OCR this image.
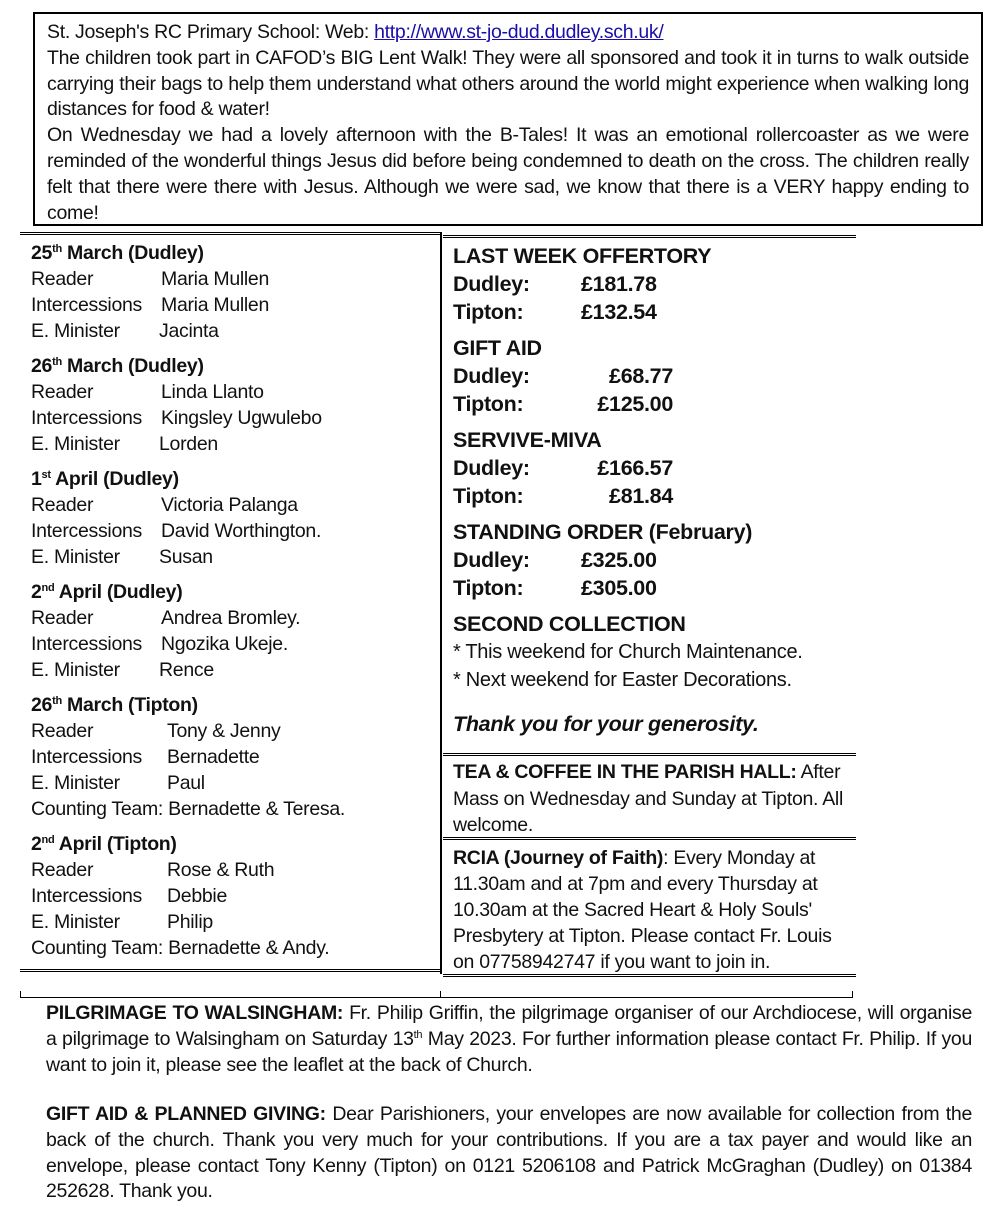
St. Joseph's RC Primary School: Web: http://www.st-jo-dud.dudley.sch.uk/

The children took part in CAFOD’s BIG Lent Walk! They were all sponsored and took it in turns to walk outside carrying their bags to help them understand what others around the world might experience when walking long distances for food & water!

On Wednesday we had a lovely afternoon with the B-Tales! It was an emotional rollercoaster as we were reminded of the wonderful things Jesus did before being condemned to death on the cross. The children really felt that there were there with Jesus. Although we were sad, we know that there is a VERY happy ending to come!

25th March (Dudley)
Reader	Maria Mullen
Intercessions Maria Mullen
E. Minister	Jacinta
26th March (Dudley)
Reader	Linda Llanto
Intercessions Kingsley Ugwulebo
E. Minister	Lorden
1st April (Dudley)
Reader	Victoria Palanga
Intercessions David Worthington.
E. Minister	Susan
2nd April (Dudley)
Reader	Andrea Bromley.
Intercessions Ngozika Ukeje.
E. Minister	Rence
26th March (Tipton)
Reader	Tony & Jenny
Intercessions	Bernadette
E. Minister	Paul
Counting Team: Bernadette & Teresa.
2nd April (Tipton)
Reader	Rose & Ruth
Intercessions	Debbie
E. Minister	Philip
Counting Team: Bernadette & Andy.
LAST WEEK OFFERTORY
Dudley:	£181.78
Tipton:	£132.54
GIFT AID
Dudley:	£68.77
Tipton:	£125.00
SERVIVE-MIVA
Dudley:	£166.57
Tipton:	£81.84
STANDING ORDER (February)
Dudley:	£325.00
Tipton:	£305.00
SECOND COLLECTION
* This weekend for Church Maintenance.
* Next weekend for Easter Decorations.
Thank you for your generosity.
TEA & COFFEE IN THE PARISH HALL: After Mass on Wednesday and Sunday at Tipton. All welcome.
RCIA (Journey of Faith): Every Monday at 11.30am and at 7pm and every Thursday at 10.30am at the Sacred Heart & Holy Souls' Presbytery at Tipton. Please contact Fr. Louis on 07758942747 if you want to join in.
PILGRIMAGE TO WALSINGHAM: Fr. Philip Griffin, the pilgrimage organiser of our Archdiocese, will organise a pilgrimage to Walsingham on Saturday 13th May 2023. For further information please contact Fr. Philip. If you want to join it, please see the leaflet at the back of Church.
GIFT AID & PLANNED GIVING: Dear Parishioners, your envelopes are now available for collection from the back of the church. Thank you very much for your contributions. If you are a tax payer and would like an envelope, please contact Tony Kenny (Tipton) on 0121 5206108 and Patrick McGraghan (Dudley) on 01384 252628. Thank you.
